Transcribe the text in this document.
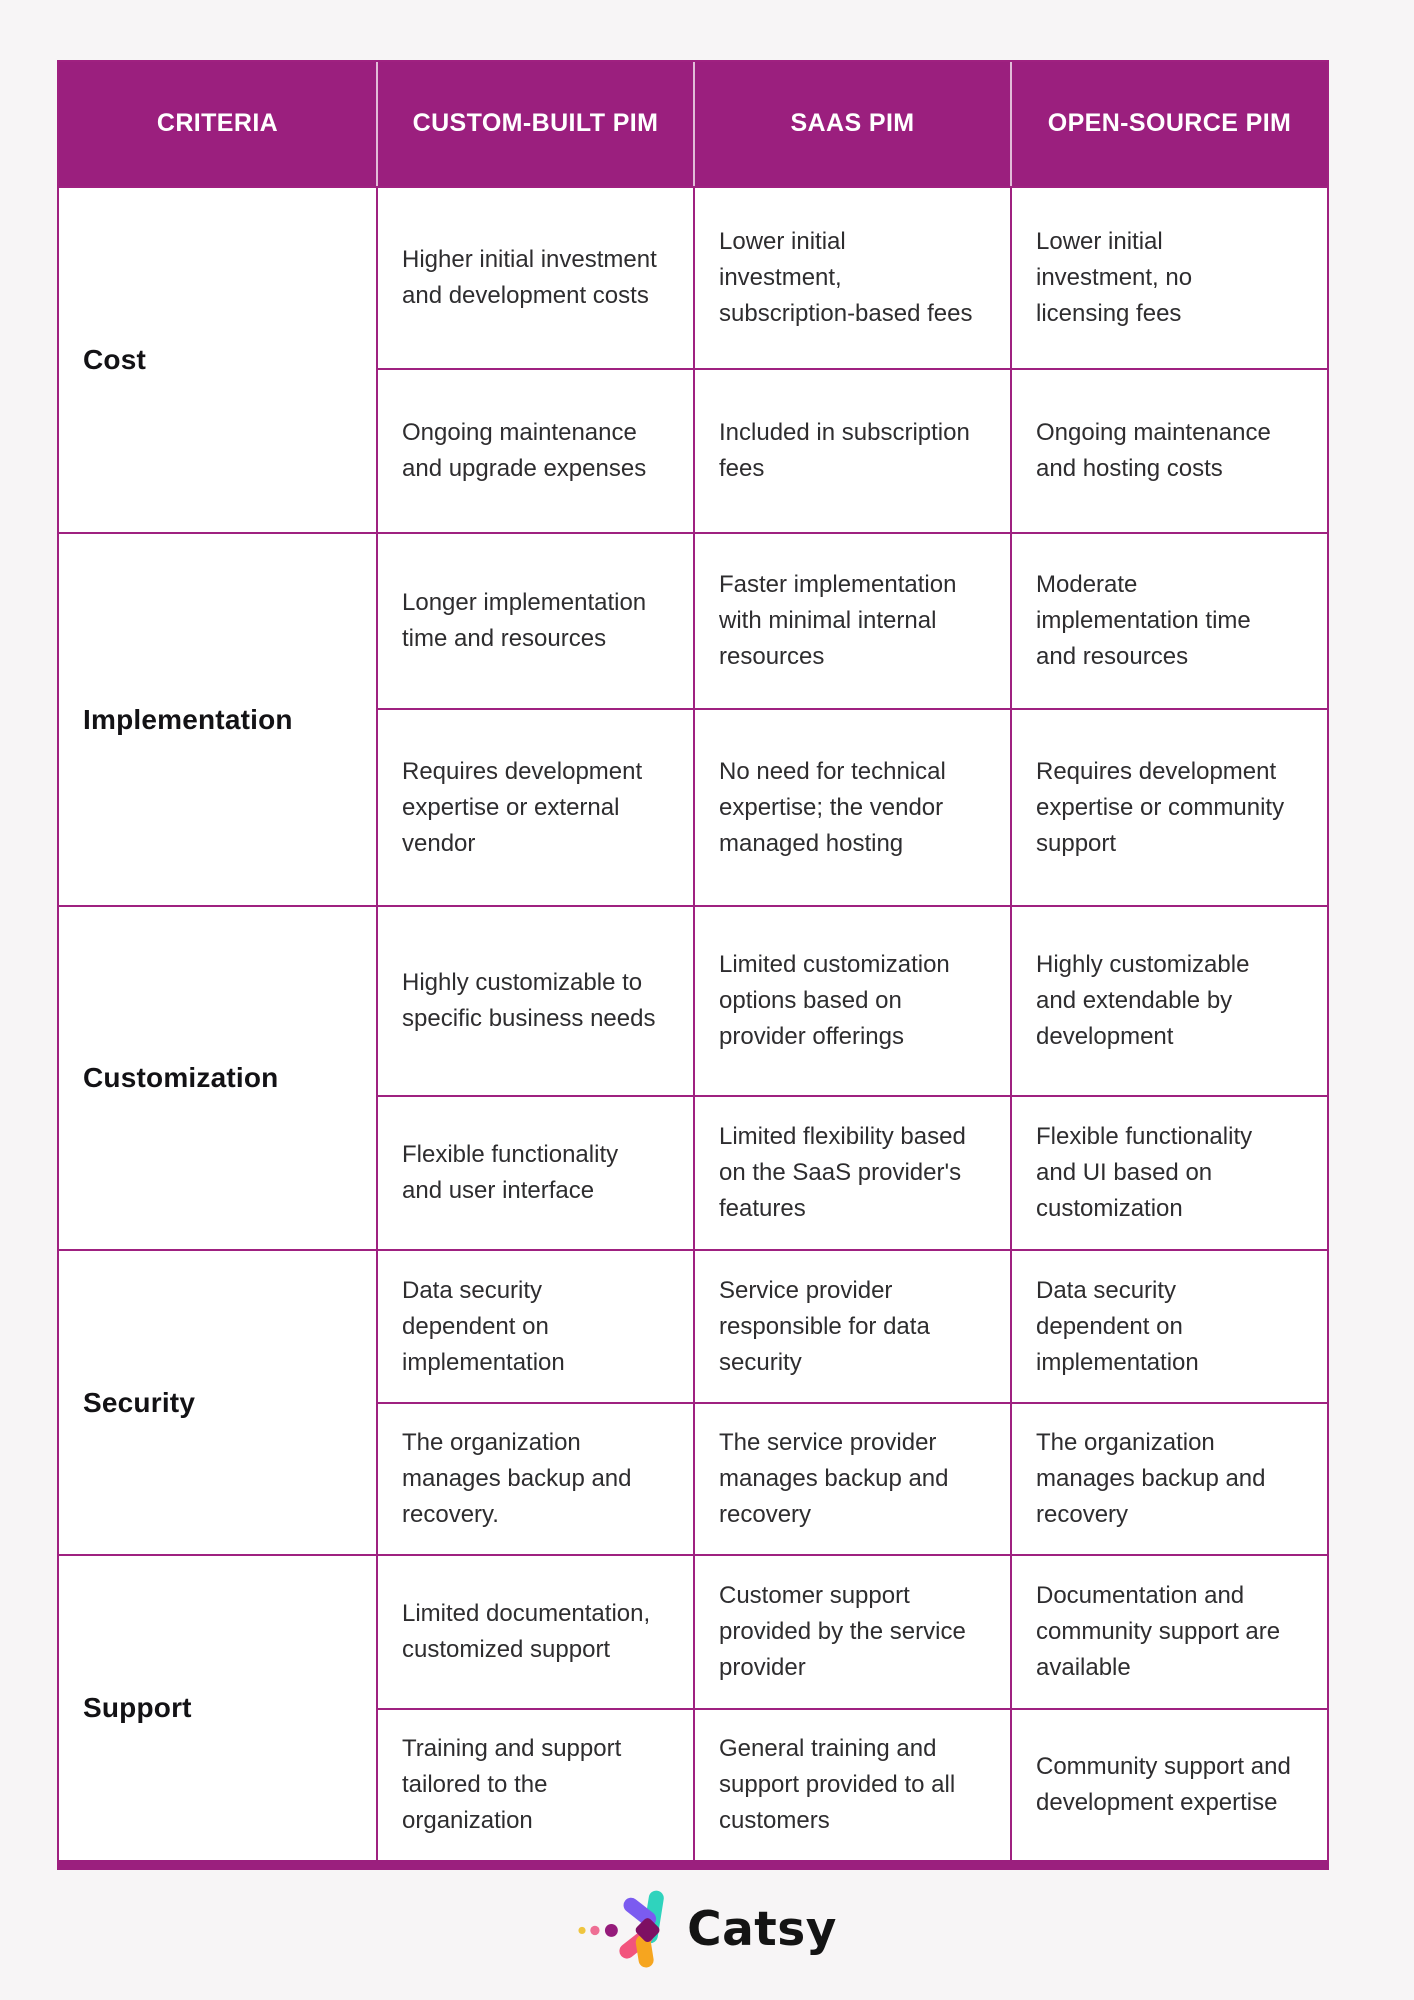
CRITERIA	CUSTOM-BUILT PIM	SAAS PIM	OPEN-SOURCE PIM
Cost	Higher initial investment and development costs	Lower initial investment, subscription-based fees	Lower initial investment, no licensing fees
	Ongoing maintenance and upgrade expenses	Included in subscription fees	Ongoing maintenance and hosting costs
Implementation	Longer implementation time and resources	Faster implementation with minimal internal resources	Moderate implementation time and resources
	Requires development expertise or external vendor	No need for technical expertise; the vendor managed hosting	Requires development expertise or community support
Customization	Highly customizable to specific business needs	Limited customization options based on provider offerings	Highly customizable and extendable by development
	Flexible functionality and user interface	Limited flexibility based on the SaaS provider's features	Flexible functionality and UI based on customization
Security	Data security dependent on implementation	Service provider responsible for data security	Data security dependent on implementation
	The organization manages backup and recovery.	The service provider manages backup and recovery	The organization manages backup and recovery
Support	Limited documentation, customized support	Customer support provided by the service provider	Documentation and community support are available
	Training and support tailored to the organization	General training and support provided to all customers	Community support and development expertise
Catsy
